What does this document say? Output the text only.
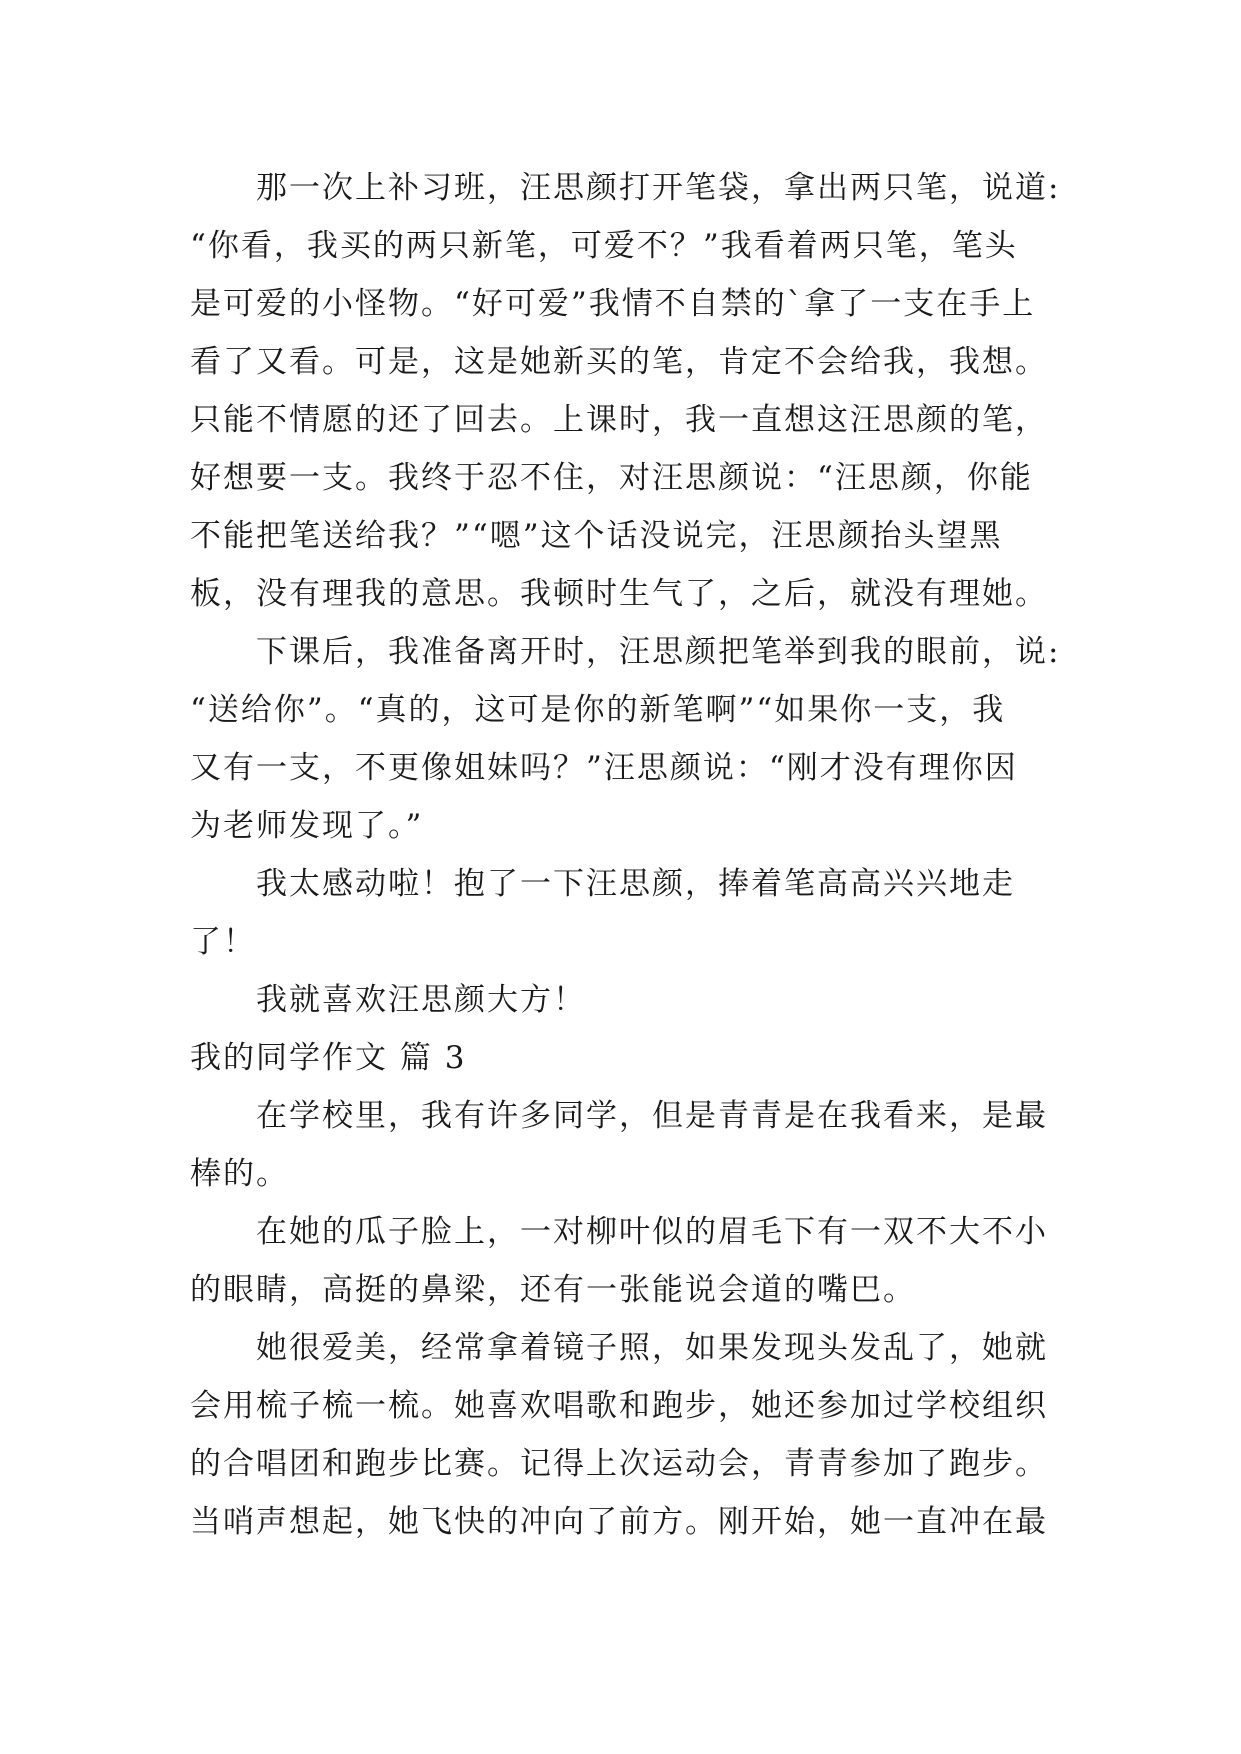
那一次上补习班，汪思颜打开笔袋，拿出两只笔，说道:
“你看，我买的两只新笔，可爱不？”我看着两只笔，笔头
是可爱的小怪物。“好可爱”我情不自禁的`拿了一支在手上
看了又看。可是，这是她新买的笔，肯定不会给我，我想。
只能不情愿的还了回去。上课时，我一直想这汪思颜的笔，
好想要一支。我终于忍不住，对汪思颜说：“汪思颜，你能
不能把笔送给我？”“嗯”这个话没说完，汪思颜抬头望黑
板，没有理我的意思。我顿时生气了，之后，就没有理她。
下课后，我准备离开时，汪思颜把笔举到我的眼前，说:
“送给你”。“真的，这可是你的新笔啊”“如果你一支，我
又有一支，不更像姐妹吗？”汪思颜说：“刚才没有理你因
为老师发现了。”
我太感动啦！抱了一下汪思颜，捧着笔高高兴兴地走
了！
我就喜欢汪思颜大方！
我的同学作文 篇 3
在学校里，我有许多同学，但是青青是在我看来，是最
棒的。
在她的瓜子脸上，一对柳叶似的眉毛下有一双不大不小
的眼睛，高挺的鼻梁，还有一张能说会道的嘴巴。
她很爱美，经常拿着镜子照，如果发现头发乱了，她就
会用梳子梳一梳。她喜欢唱歌和跑步，她还参加过学校组织
的合唱团和跑步比赛。记得上次运动会，青青参加了跑步。
当哨声想起，她飞快的冲向了前方。刚开始，她一直冲在最
